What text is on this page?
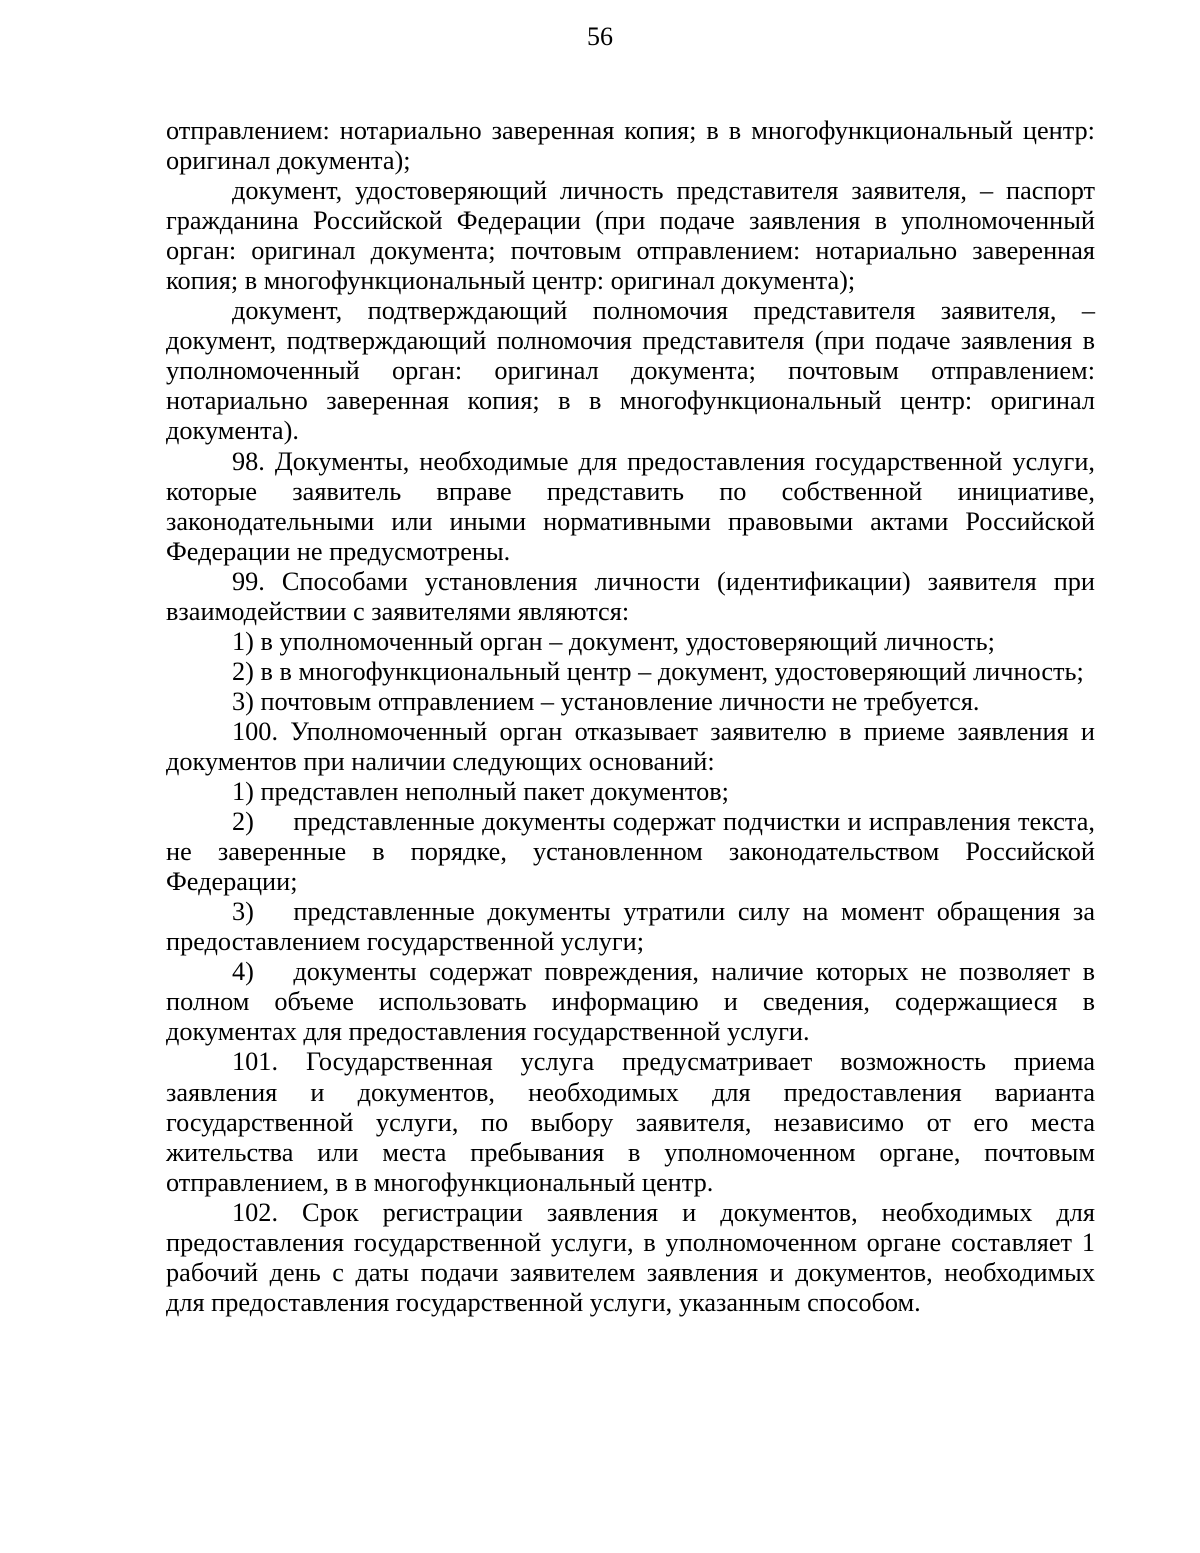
56

отправлением: нотариально заверенная копия; в в многофункциональный центр: оригинал документа);

документ, удостоверяющий личность представителя заявителя, – паспорт гражданина Российской Федерации (при подаче заявления в уполномоченный орган: оригинал документа; почтовым отправлением: нотариально заверенная копия; в многофункциональный центр: оригинал документа);

документ, подтверждающий полномочия представителя заявителя, – документ, подтверждающий полномочия представителя (при подаче заявления в уполномоченный орган: оригинал документа; почтовым отправлением: нотариально заверенная копия; в в многофункциональный центр: оригинал документа).

98. Документы, необходимые для предоставления государственной услуги, которые заявитель вправе представить по собственной инициативе, законодательными или иными нормативными правовыми актами Российской Федерации не предусмотрены.

99. Способами установления личности (идентификации) заявителя при взаимодействии с заявителями являются:

1) в уполномоченный орган – документ, удостоверяющий личность;

2) в в многофункциональный центр – документ, удостоверяющий личность;

3) почтовым отправлением – установление личности не требуется.

100. Уполномоченный орган отказывает заявителю в приеме заявления и документов при наличии следующих оснований:

1) представлен неполный пакет документов;

2)  представленные документы содержат подчистки и исправления текста, не заверенные в порядке, установленном законодательством Российской Федерации;

3)  представленные документы утратили силу на момент обращения за предоставлением государственной услуги;

4)  документы содержат повреждения, наличие которых не позволяет в полном объеме использовать информацию и сведения, содержащиеся в документах для предоставления государственной услуги.

101. Государственная услуга предусматривает возможность приема заявления и документов, необходимых для предоставления варианта государственной услуги, по выбору заявителя, независимо от его места жительства или места пребывания в уполномоченном органе, почтовым отправлением, в в многофункциональный центр.

102. Срок регистрации заявления и документов, необходимых для предоставления государственной услуги, в уполномоченном органе составляет 1 рабочий день с даты подачи заявителем заявления и документов, необходимых для предоставления государственной услуги, указанным способом.
